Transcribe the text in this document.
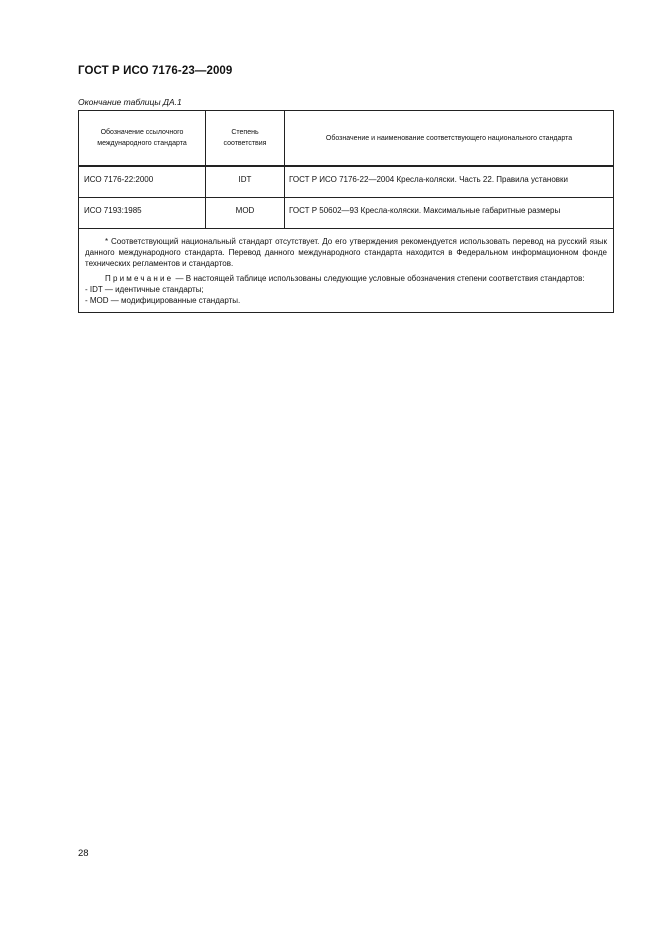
ГОСТ Р ИСО 7176-23—2009
Окончание таблицы ДА.1
Обозначение ссылочного международного стандарта	Степень соответствия	Обозначение и наименование соответствующего национального стандарта
ИСО 7176-22:2000	IDT	ГОСТ Р ИСО 7176-22—2004 Кресла-коляски. Часть 22. Правила установки
ИСО 7193:1985	MOD	ГОСТ Р 50602—93 Кресла-коляски. Максимальные габаритные размеры

* Соответствующий национальный стандарт отсутствует. До его утверждения рекомендуется использовать перевод на русский язык данного международного стандарта. Перевод данного международного стандарта находится в Федеральном информационном фонде технических регламентов и стандартов.

Примечание — В настоящей таблице использованы следующие условные обозначения степени соответствия стандартов:

- IDT — идентичные стандарты;

- MOD — модифицированные стандарты.		

28
